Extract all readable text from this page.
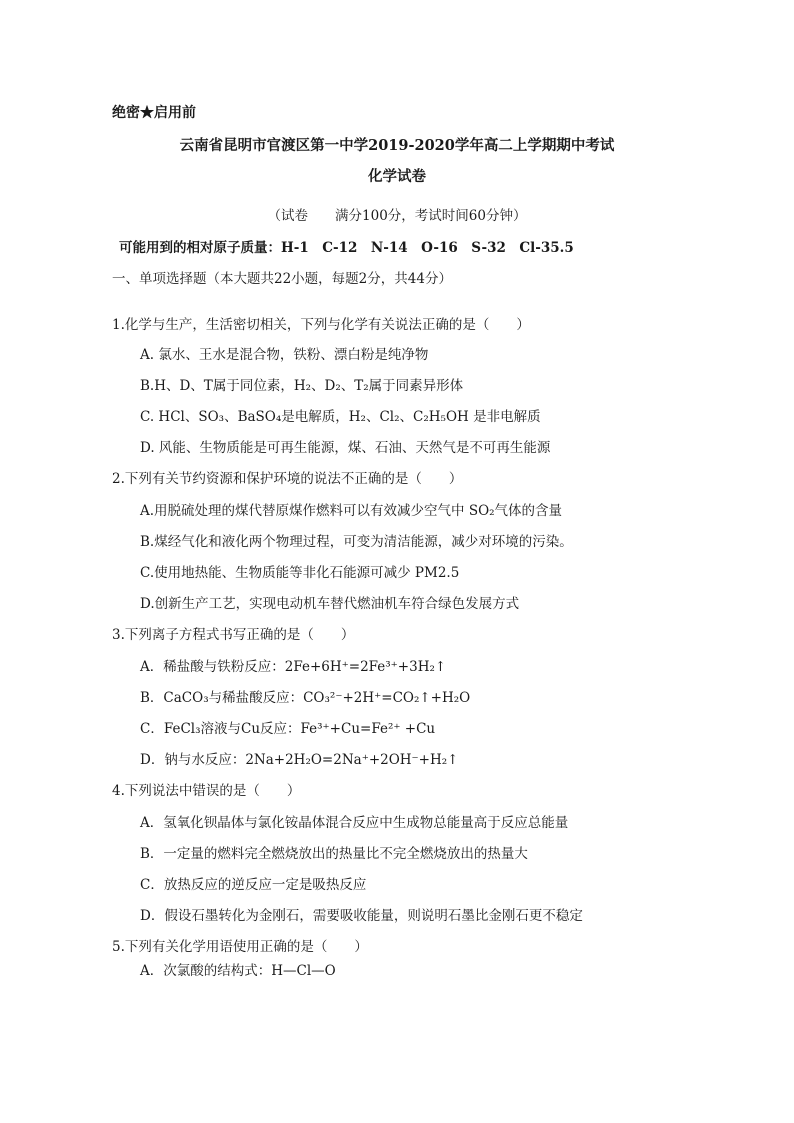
绝密★启用前
云南省昆明市官渡区第一中学2019-2020学年高二上学期期中考试
化学试卷
（试卷　　满分100分，考试时间60分钟）
可能用到的相对原子质量：H-1　C-12　N-14　O-16　S-32　Cl-35.5
一、单项选择题（本大题共22小题，每题2分，共44分）
1.化学与生产，生活密切相关，下列与化学有关说法正确的是（　　）
A. 氯水、王水是混合物，铁粉、漂白粉是纯净物
B.H、D、T属于同位素，H₂、D₂、T₂属于同素异形体
C. HCl、SO₃、BaSO₄是电解质，H₂、Cl₂、C₂H₅OH 是非电解质
D. 风能、生物质能是可再生能源，煤、石油、天然气是不可再生能源
2.下列有关节约资源和保护环境的说法不正确的是（　　）
A.用脱硫处理的煤代替原煤作燃料可以有效减少空气中 SO₂气体的含量
B.煤经气化和液化两个物理过程，可变为清洁能源，减少对环境的污染。
C.使用地热能、生物质能等非化石能源可减少 PM2.5
D.创新生产工艺，实现电动机车替代燃油机车符合绿色发展方式
3.下列离子方程式书写正确的是（　　）
A．稀盐酸与铁粉反应：2Fe+6H⁺=2Fe³⁺+3H₂↑
B．CaCO₃与稀盐酸反应：CO₃²⁻+2H⁺=CO₂↑+H₂O
C．FeCl₃溶液与Cu反应：Fe³⁺+Cu=Fe²⁺ +Cu
D．钠与水反应：2Na+2H₂O=2Na⁺+2OH⁻+H₂↑
4.下列说法中错误的是（　　）
A．氢氧化钡晶体与氯化铵晶体混合反应中生成物总能量高于反应总能量
B．一定量的燃料完全燃烧放出的热量比不完全燃烧放出的热量大
C．放热反应的逆反应一定是吸热反应
D．假设石墨转化为金刚石，需要吸收能量，则说明石墨比金刚石更不稳定
5.下列有关化学用语使用正确的是（　　）
A．次氯酸的结构式：H—Cl—O
